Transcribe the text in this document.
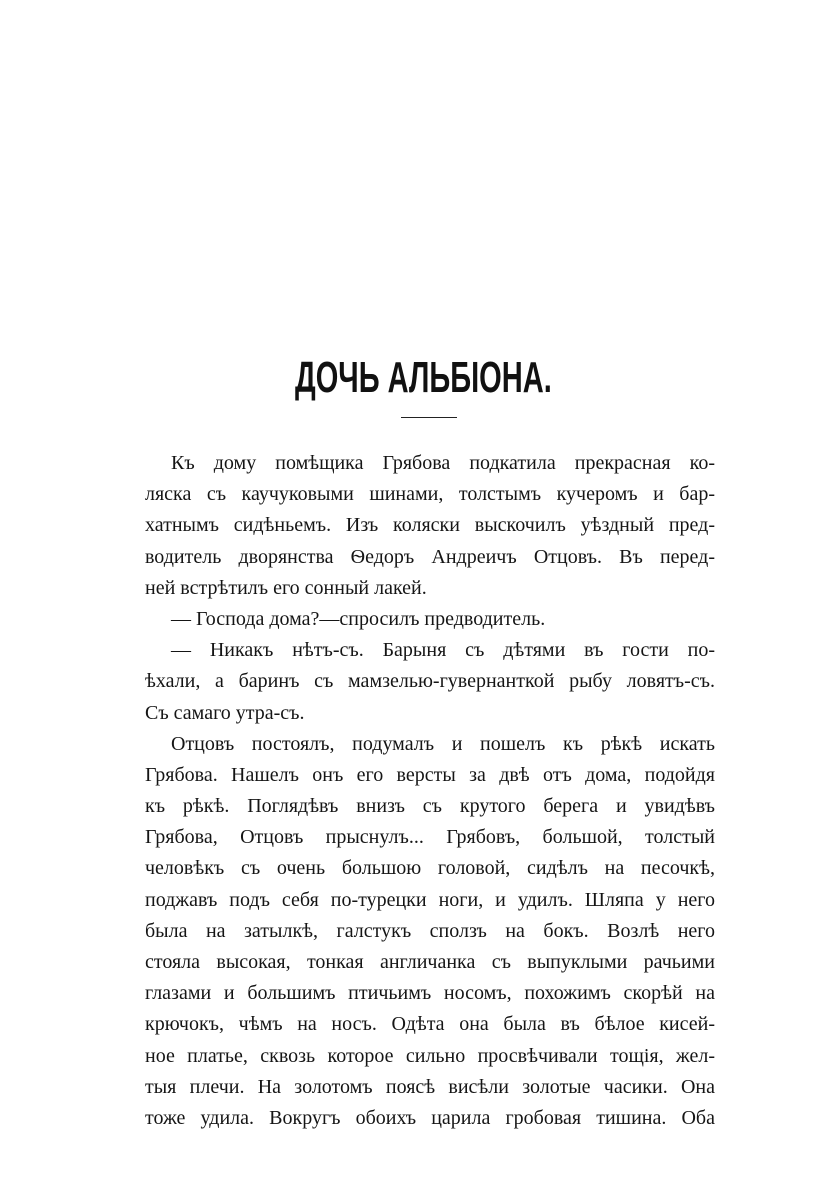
ДОЧЬ АЛЬБІОНА.
Къ дому помѣщика Грябова подкатила прекрасная ко-
ляска съ каучуковыми шинами, толстымъ кучеромъ и бар-
хатнымъ сидѣньемъ. Изъ коляски выскочилъ уѣздный пред-
водитель дворянства Ѳедоръ Андреичъ Отцовъ. Въ перед-
ней встрѣтилъ его сонный лакей.
— Господа дома?—спросилъ предводитель.
— Никакъ нѣтъ-съ. Барыня съ дѣтями въ гости по-
ѣхали, а баринъ съ мамзелью-гувернанткой рыбу ловятъ-съ.
Съ самаго утра-съ.
Отцовъ постоялъ, подумалъ и пошелъ къ рѣкѣ искать
Грябова. Нашелъ онъ его версты за двѣ отъ дома, подойдя
къ рѣкѣ. Поглядѣвъ внизъ съ крутого берега и увидѣвъ
Грябова, Отцовъ прыснулъ... Грябовъ, большой, толстый
человѣкъ съ очень большою головой, сидѣлъ на песочкѣ,
поджавъ подъ себя по-турецки ноги, и удилъ. Шляпа у него
была на затылкѣ, галстукъ сползъ на бокъ. Возлѣ него
стояла высокая, тонкая англичанка съ выпуклыми рачьими
глазами и большимъ птичьимъ носомъ, похожимъ скорѣй на
крючокъ, чѣмъ на носъ. Одѣта она была въ бѣлое кисей-
ное платье, сквозь которое сильно просвѣчивали тощія, жел-
тыя плечи. На золотомъ поясѣ висѣли золотые часики. Она
тоже удила. Вокругъ обоихъ царила гробовая тишина. Оба
